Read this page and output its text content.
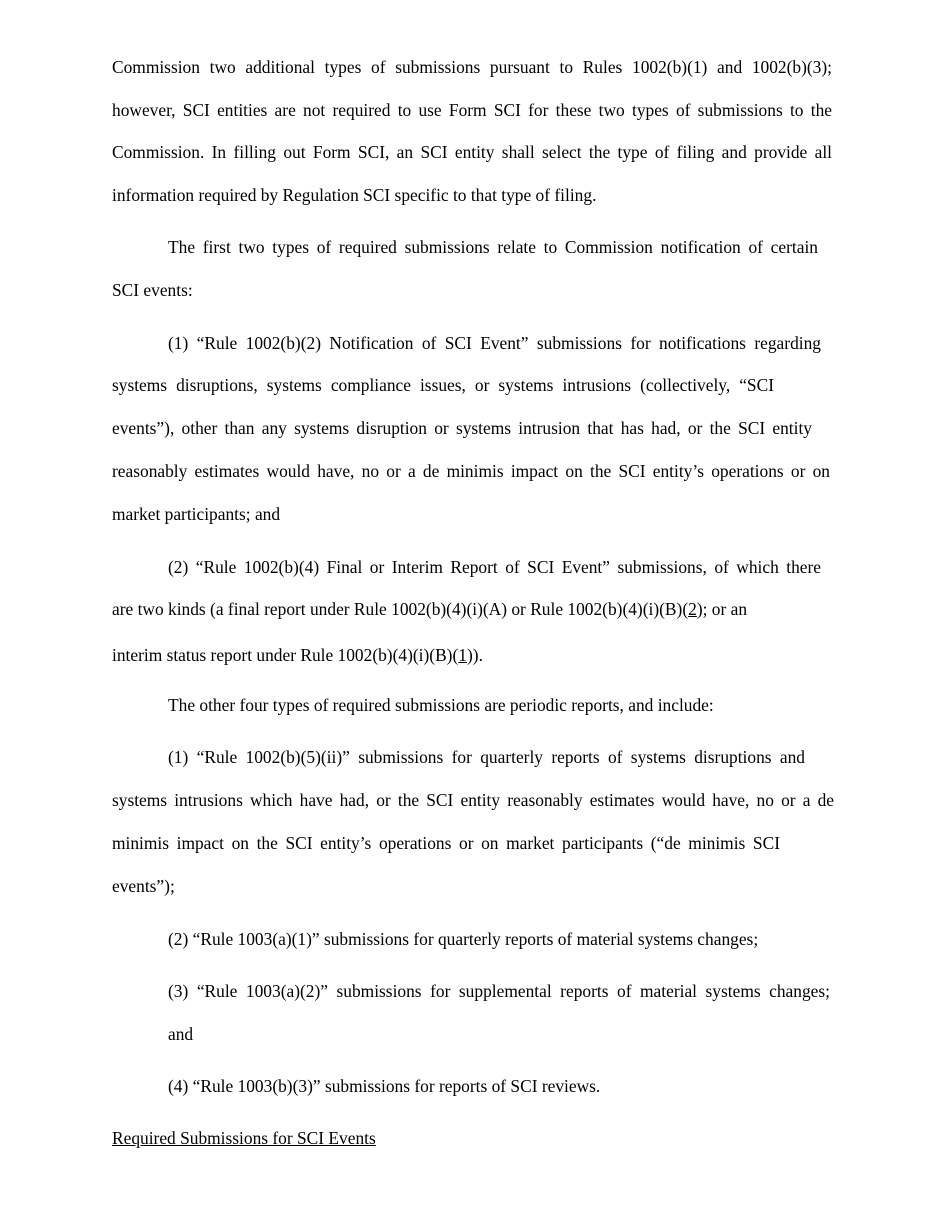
Commission two additional types of submissions pursuant to Rules 1002(b)(1) and 1002(b)(3);
however, SCI entities are not required to use Form SCI for these two types of submissions to the
Commission. In filling out Form SCI, an SCI entity shall select the type of filing and provide all
information required by Regulation SCI specific to that type of filing.
The first two types of required submissions relate to Commission notification of certain
SCI events:
(1) “Rule 1002(b)(2) Notification of SCI Event” submissions for notifications regarding
systems disruptions, systems compliance issues, or systems intrusions (collectively, “SCI
events”), other than any systems disruption or systems intrusion that has had, or the SCI entity
reasonably estimates would have, no or a de minimis impact on the SCI entity’s operations or on
market participants; and
(2) “Rule 1002(b)(4) Final or Interim Report of SCI Event” submissions, of which there
are two kinds (a final report under Rule 1002(b)(4)(i)(A) or Rule 1002(b)(4)(i)(B)(2); or an
interim status report under Rule 1002(b)(4)(i)(B)(1)).
The other four types of required submissions are periodic reports, and include:
(1) “Rule 1002(b)(5)(ii)” submissions for quarterly reports of systems disruptions and
systems intrusions which have had, or the SCI entity reasonably estimates would have, no or a de
minimis impact on the SCI entity’s operations or on market participants (“de minimis SCI
events”);
(2) “Rule 1003(a)(1)” submissions for quarterly reports of material systems changes;
(3) “Rule 1003(a)(2)” submissions for supplemental reports of material systems changes;
and
(4) “Rule 1003(b)(3)” submissions for reports of SCI reviews.
Required Submissions for SCI Events
